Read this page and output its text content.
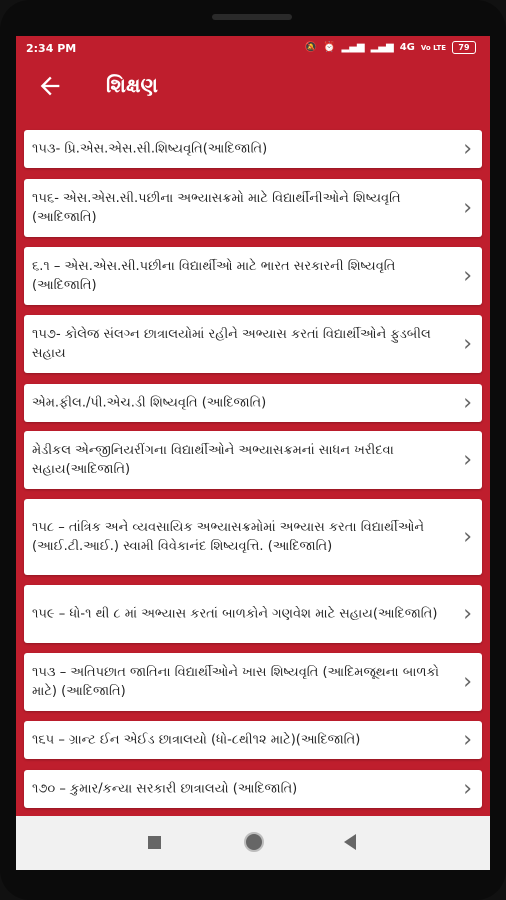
2:34 PM	🔕 ⏰ ▂▄▆ ▂▄▆ 4G Vo LTE	79
શિક્ષણ
૧૫૩- પ્રિ.એસ.એસ.સી.શિષ્યવૃતિ(આદિજાતિ)	›
૧૫૬- એસ.એસ.સી.પછીના અભ્યાસક્રમો માટે વિદ્યાર્થીનીઓને શિષ્યવૃતિ (આદિજાતિ)	›
૬.૧ – એસ.એસ.સી.પછીના વિદ્યાર્થીઓ માટે ભારત સરકારની શિષ્યવૃતિ (આદિજાતિ)	›
૧૫૭- કોલેજ સંલગ્ન છાત્રાલયોમાં રહીને અભ્યાસ કરતાં વિદ્યાર્થીઓને ફુડબીલ સહાય	›
એમ.ફીલ./પી.એચ.ડી શિષ્યવૃતિ (આદિજાતિ)	›
મેડીકલ એન્જીનિયરીંગના વિદ્યાર્થીઓને અભ્યાસક્રમનાં સાધન ખરીદવા સહાય(આદિજાતિ)	›
૧૫૮ – તાંત્રિક અને વ્યવસાયિક અભ્યાસક્રમોમાં અભ્યાસ કરતા વિદ્યાર્થીઓને (આઈ.ટી.આઈ.) સ્વામી વિવેકાનંદ શિષ્યવૃત્તિ. (આદિજાતિ)	›
૧૫૯ – ધો-૧ થી ૮ માં અભ્યાસ કરતાં બાળકોને ગણવેશ માટે સહાય(આદિજાતિ)	›
૧૫૩ – અતિપછાત જાતિના વિદ્યાર્થીઓને ખાસ શિષ્યવૃતિ (આદિમજૂથના બાળકો માટે) (આદિજાતિ)	›
૧૬૫ – ગ્રાન્ટ ઈન એઈડ છાત્રાલયો (ધો-૮થી૧૨ માટે)(આદિજાતિ)	›
૧૭૦ – કુમાર/કન્યા સરકારી છાત્રાલયો (આદિજાતિ)	›
